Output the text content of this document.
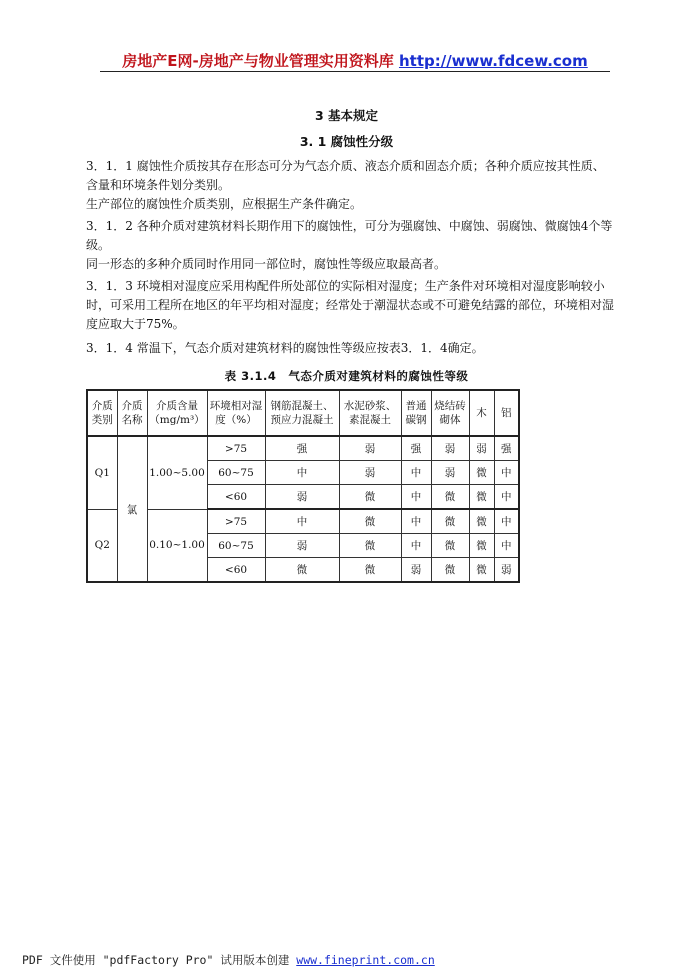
房地产E网-房地产与物业管理实用资料库 http://www.fdcew.com
3 基本规定
3. 1 腐蚀性分级

3．1．1 腐蚀性介质按其存在形态可分为气态介质、液态介质和固态介质；各种介质应按其性质、含量和环境条件划分类别。

生产部位的腐蚀性介质类别，应根据生产条件确定。

3．1．2 各种介质对建筑材料长期作用下的腐蚀性，可分为强腐蚀、中腐蚀、弱腐蚀、微腐蚀4个等级。

同一形态的多种介质同时作用同一部位时，腐蚀性等级应取最高者。

3．1．3 环境相对湿度应采用构配件所处部位的实际相对湿度；生产条件对环境相对湿度影响较小时，可采用工程所在地区的年平均相对湿度；经常处于潮湿状态或不可避免结露的部位，环境相对湿度应取大于75%。

3．1．4 常温下，气态介质对建筑材料的腐蚀性等级应按表3．1．4确定。

表 3.1.4　气态介质对建筑材料的腐蚀性等级
介质类别	介质名称	介质含量（mg/m³）	环境相对湿度（%）	钢筋混凝土、预应力混凝土	水泥砂浆、素混凝土	普通碳钢	烧结砖砌体	木	铝
Q1	氯	1.00~5.00	>75	强	弱	强	弱	弱	强
			60~75	中	弱	中	弱	微	中
			<60	弱	微	中	微	微	中
Q2		0.10~1.00	>75	中	微	中	微	微	中
			60~75	弱	微	中	微	微	中
			<60	微	微	弱	微	微	弱
PDF 文件使用 "pdfFactory Pro" 试用版本创建 www.fineprint.com.cn
